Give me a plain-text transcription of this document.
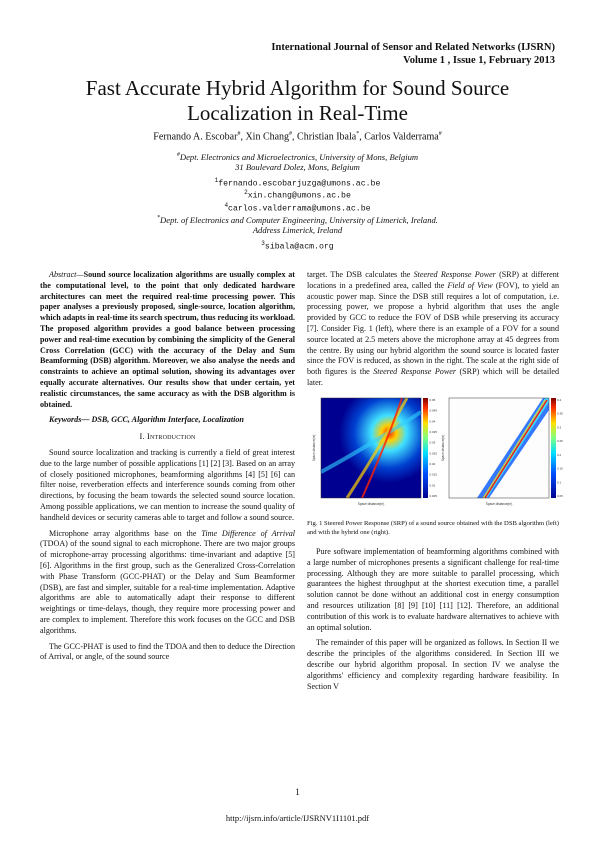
International Journal of Sensor and Related Networks (IJSRN)
Volume 1 , Issue 1, February 2013
Fast Accurate Hybrid Algorithm for Sound Source
Localization in Real-Time
Fernando A. Escobar#, Xin Chang#, Christian Ibala*, Carlos Valderrama#
#Dept. Electronics and Microelectronics, University of Mons, Belgium
31 Boulevard Dolez, Mons, Belgium
$^1$fernando.escobarjuzga@umons.ac.be
$^2$xin.chang@umons.ac.be
$^4$carlos.valderrama@umons.ac.be
*Dept. of Electronics and Computer Engineering, University of Limerick, Ireland.
Address Limerick, Ireland
$^3$sibala@acm.org

Abstract—Sound source localization algorithms are usually complex at the computational level, to the point that only dedicated hardware architectures can meet the required real-time processing power. This paper analyses a previously proposed, single-source, location algorithm, which adapts in real-time its search spectrum, thus reducing its workload. The proposed algorithm provides a good balance between processing power and real-time execution by combining the simplicity of the General Cross Correlation (GCC) with the accuracy of the Delay and Sum Beamforming (DSB) algorithm. Moreover, we also analyse the needs and constraints to achieve an optimal solution, showing its advantages over equally accurate alternatives. Our results show that under certain, yet realistic circumstances, the same accuracy as with the DSB algorithm is obtained.

Keywords— DSB, GCC, Algorithm Interface, Localization

I. Introduction

Sound source localization and tracking is currently a field of great interest due to the large number of possible applications [1] [2] [3]. Based on an array of closely positioned microphones, beamforming algorithms [4] [5] [6] can filter noise, reverberation effects and interference sounds coming from other directions, by focusing the beam towards the selected sound source location. Among possible applications, we can mention to increase the sound quality of handheld devices or security cameras able to target and follow a sound source.

Microphone array algorithms base on the Time Difference of Arrival (TDOA) of the sound signal to each microphone. There are two major groups of microphone-array processing algorithms: time-invariant and adaptive [5] [6]. Algorithms in the first group, such as the Generalized Cross-Correlation with Phase Transform (GCC-PHAT) or the Delay and Sum Beamformer (DSB), are fast and simpler, suitable for a real-time implementation. Adaptive algorithms are able to automatically adapt their response to different weightings or time-delays, though, they require more processing power and are complex to implement. Therefore this work focuses on the GCC and DSB algorithms.

The GCC-PHAT is used to find the TDOA and then to deduce the Direction of Arrival, or angle, of the sound source

target. The DSB calculates the Steered Response Power (SRP) at different locations in a predefined area, called the Field of View (FOV), to yield an acoustic power map. Since the DSB still requires a lot of computation, i.e. processing power, we propose a hybrid algorithm that uses the angle provided by GCC to reduce the FOV of DSB while preserving its accuracy [7]. Consider Fig. 1 (left), where there is an example of a FOV for a sound source located at 2.5 meters above the microphone array at 45 degrees from the centre. By using our hybrid algorithm the sound source is located faster since the FOV is reduced, as shown in the right. The scale at the right side of both figures is the Steered Response Power (SRP) which will be detailed later.

0.05
0.045
0.04
0.035
0.03
0.025
0.02
0.015
0.01
0.005
0.4
0.35
0.3
0.25
0.2
0.15
0.1
0.05
Space distance(m)	Space distance(m)
Space distance(m)	Space distance(m)
Fig. 1 Steered Power Response (SRP) of a sound source obtained with the DSB algorithm (left) and with the hybrid one (right).

Pure software implementation of beamforming algorithms combined with a large number of microphones presents a significant challenge for real-time processing. Although they are more suitable to parallel processing, which guarantees the highest throughput at the shortest execution time, a parallel solution cannot be done without an additional cost in energy consumption and resources utilization [8] [9] [10] [11] [12]. Therefore, an additional contribution of this work is to evaluate hardware alternatives to achieve with an optimal solution.

The remainder of this paper will be organized as follows. In Section II we describe the principles of the algorithms considered. In Section III we describe our hybrid algorithm proposal. In section IV we analyse the algorithms' efficiency and complexity regarding hardware feasibility. In Section V

1
http://ijsrn.info/article/IJSRNV1I1101.pdf
